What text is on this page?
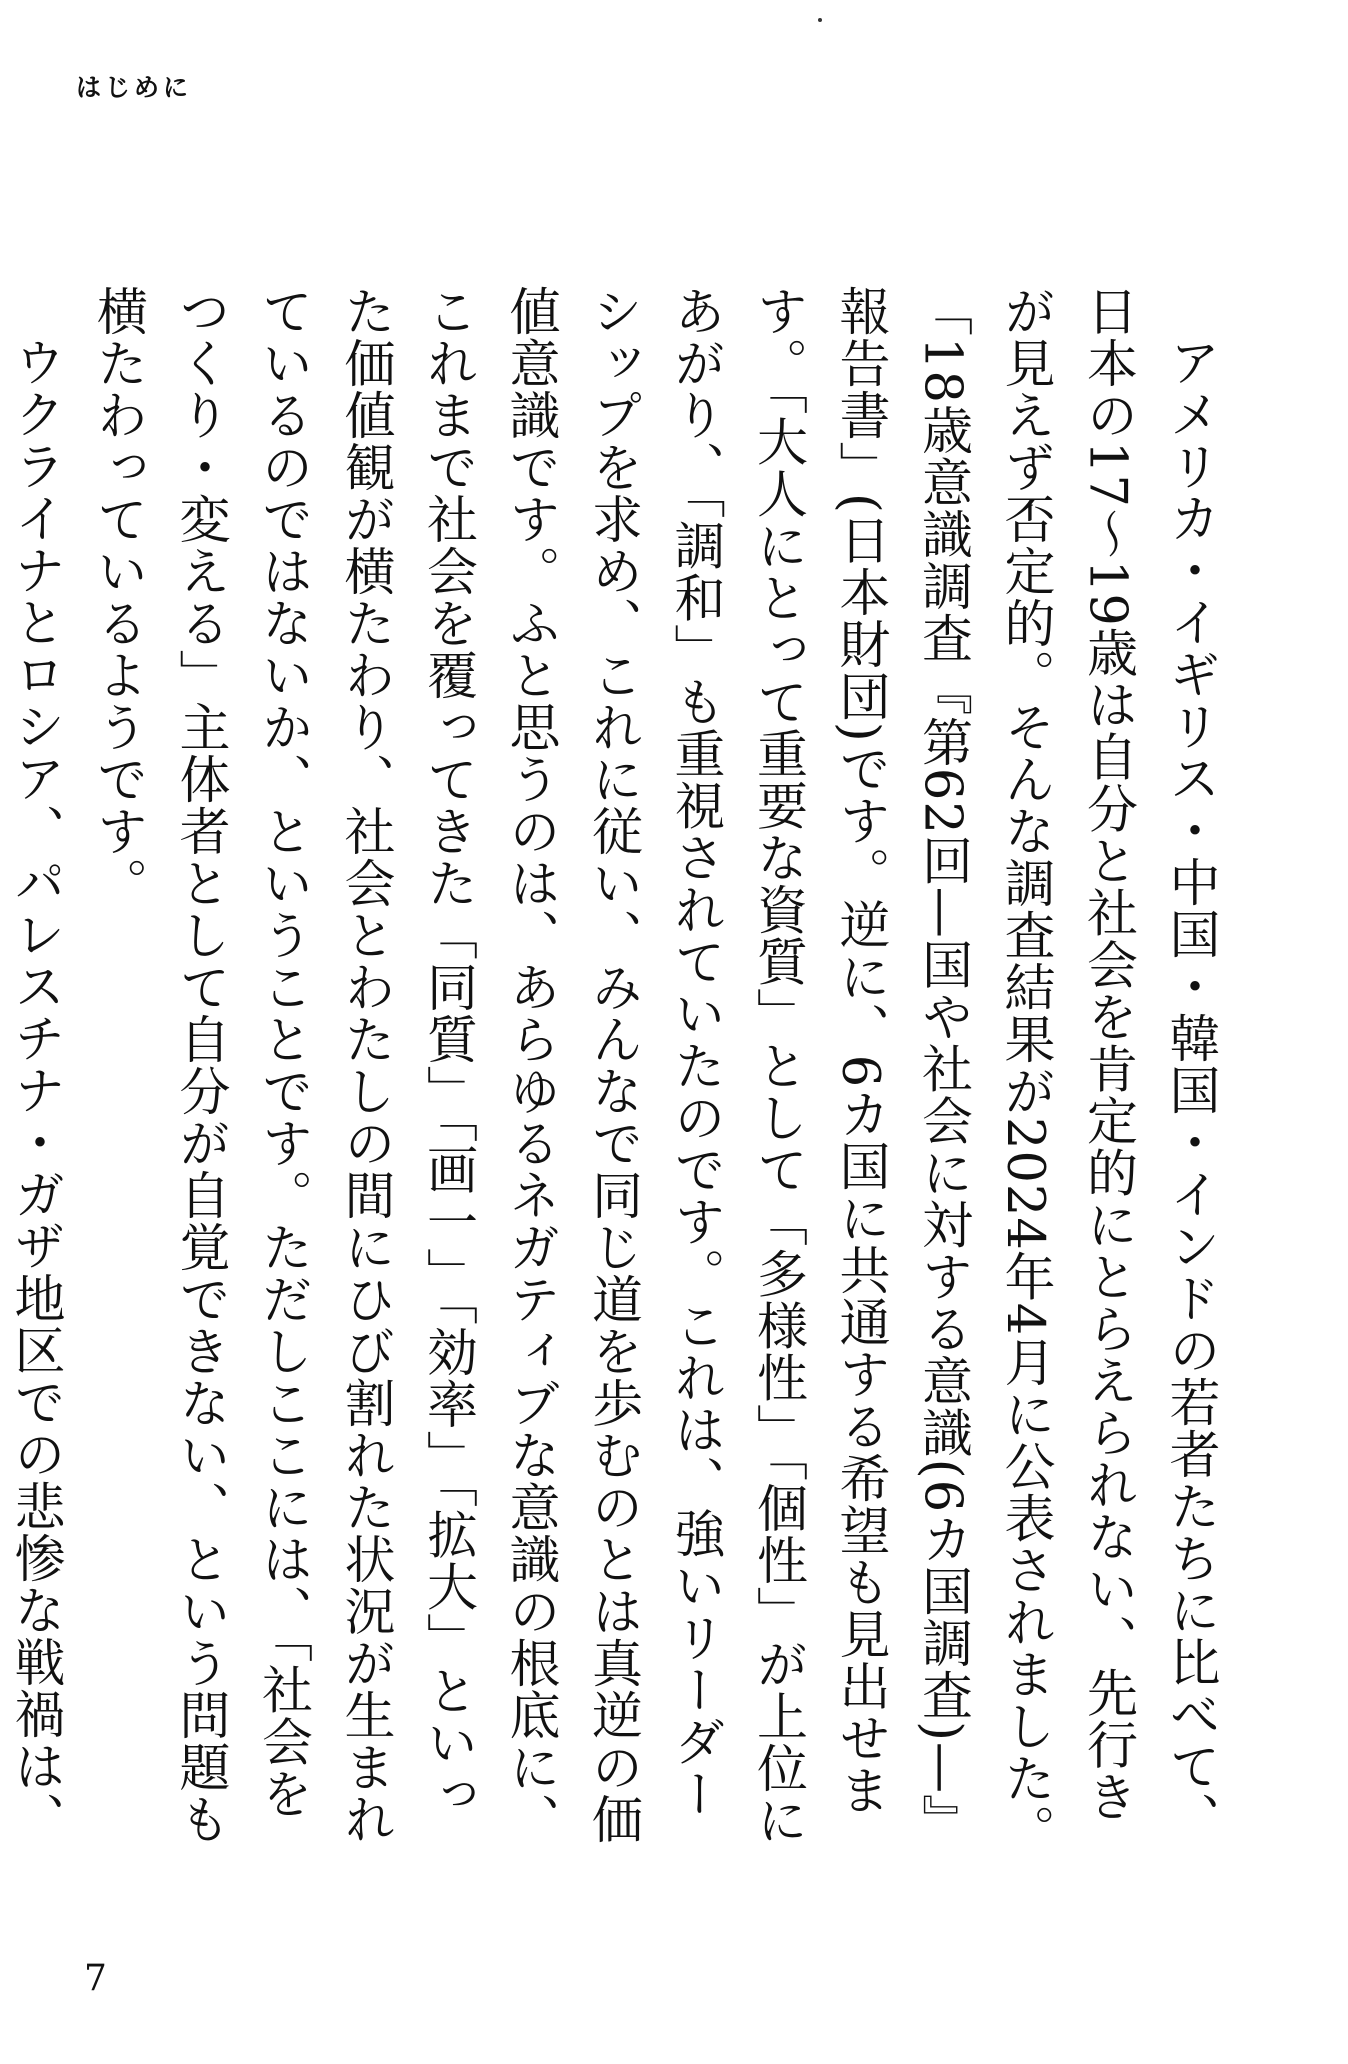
はじめに

アメリカ・イギリス・中国・韓国・インドの若者たちに比べて、日本の17〜19歳は自分と社会を肯定的にとらえられない、先行きが見えず否定的。そんな調査結果が2024年4月に公表されました。「18歳意識調査『第62回—国や社会に対する意識(6カ国調査)—』報告書」(日本財団)です。逆に、6カ国に共通する希望も見出せます。「大人にとって重要な資質」として「多様性」「個性」が上位にあがり、「調和」も重視されていたのです。これは、強いリーダーシップを求め、これに従い、みんなで同じ道を歩むのとは真逆の価値意識です。ふと思うのは、あらゆるネガティブな意識の根底に、これまで社会を覆ってきた「同質」「画一」「効率」「拡大」といった価値観が横たわり、社会とわたしの間にひび割れた状況が生まれているのではないか、ということです。ただしここには、「社会をつくり・変える」主体者として自分が自覚できない、という問題も横たわっているようです。

ウクライナとロシア、パレスチナ・ガザ地区での悲惨な戦禍は、

7
